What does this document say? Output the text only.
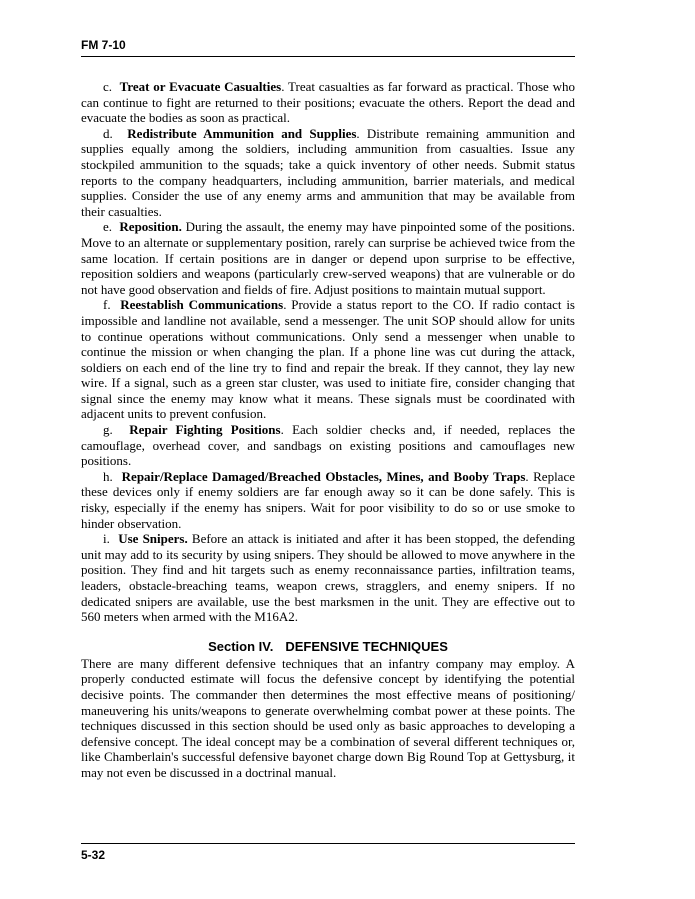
FM 7-10

c. Treat or Evacuate Casualties. Treat casualties as far forward as practical. Those who can continue to fight are returned to their positions; evacuate the others. Report the dead and evacuate the bodies as soon as practical.

d. Redistribute Ammunition and Supplies. Distribute remaining ammunition and supplies equally among the soldiers, including ammunition from casualties. Issue any stockpiled ammunition to the squads; take a quick inventory of other needs. Submit status reports to the company headquarters, including ammunition, barrier materials, and medical supplies. Consider the use of any enemy arms and ammunition that may be available from their casualties.

e. Reposition. During the assault, the enemy may have pinpointed some of the positions. Move to an alternate or supplementary position, rarely can surprise be achieved twice from the same location. If certain positions are in danger or depend upon surprise to be effective, reposition soldiers and weapons (particularly crew-served weapons) that are vulnerable or do not have good observation and fields of fire. Adjust positions to maintain mutual support.

f. Reestablish Communications. Provide a status report to the CO. If radio contact is impossible and landline not available, send a messenger. The unit SOP should allow for units to continue operations without communications. Only send a messenger when unable to continue the mission or when changing the plan. If a phone line was cut during the attack, soldiers on each end of the line try to find and repair the break. If they cannot, they lay new wire. If a signal, such as a green star cluster, was used to initiate fire, consider changing that signal since the enemy may know what it means. These signals must be coordinated with adjacent units to prevent confusion.

g. Repair Fighting Positions. Each soldier checks and, if needed, replaces the camouflage, overhead cover, and sandbags on existing positions and camouflages new positions.

h. Repair/Replace Damaged/Breached Obstacles, Mines, and Booby Traps. Replace these devices only if enemy soldiers are far enough away so it can be done safely. This is risky, especially if the enemy has snipers. Wait for poor visibility to do so or use smoke to hinder observation.

i. Use Snipers. Before an attack is initiated and after it has been stopped, the defending unit may add to its security by using snipers. They should be allowed to move anywhere in the position. They find and hit targets such as enemy reconnaissance parties, infiltration teams, leaders, obstacle-breaching teams, weapon crews, stragglers, and enemy snipers. If no dedicated snipers are available, use the best marksmen in the unit. They are effective out to 560 meters when armed with the M16A2.

Section IV. DEFENSIVE TECHNIQUES

There are many different defensive techniques that an infantry company may employ. A properly conducted estimate will focus the defensive concept by identifying the potential decisive points. The commander then determines the most effective means of positioning/ maneuvering his units/weapons to generate overwhelming combat power at these points. The techniques discussed in this section should be used only as basic approaches to developing a defensive concept. The ideal concept may be a combination of several different techniques or, like Chamberlain's successful defensive bayonet charge down Big Round Top at Gettysburg, it may not even be discussed in a doctrinal manual.

5-32
